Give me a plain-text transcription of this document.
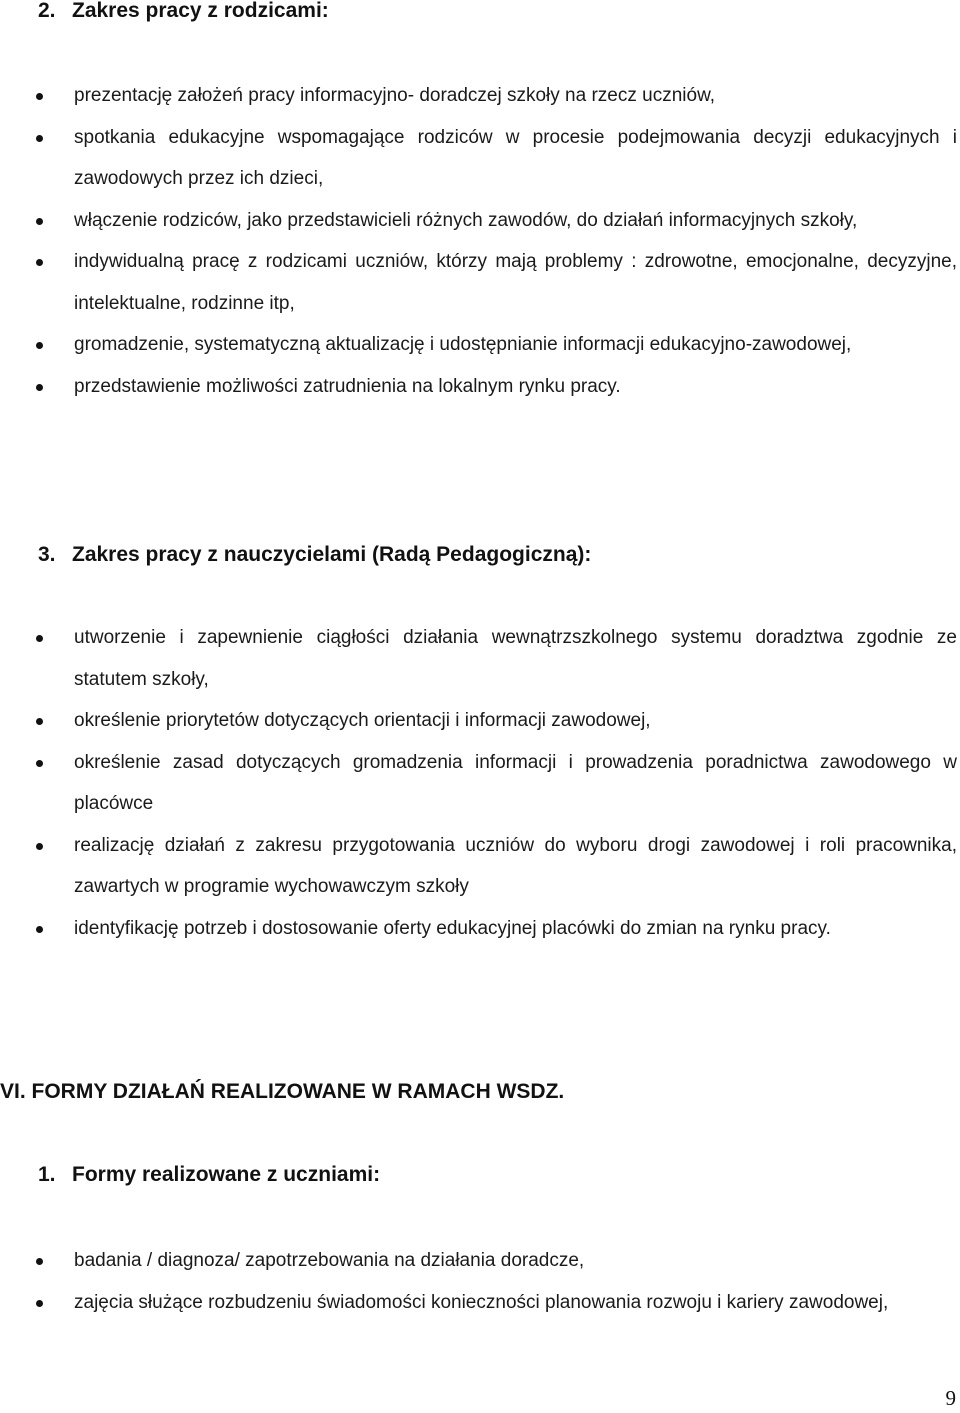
2. Zakres pracy z rodzicami:
prezentację założeń pracy informacyjno- doradczej szkoły na rzecz uczniów,
spotkania edukacyjne wspomagające rodziców w procesie podejmowania decyzji edukacyjnych i zawodowych przez ich dzieci,
włączenie rodziców, jako przedstawicieli różnych zawodów, do działań informacyjnych szkoły,
indywidualną pracę z rodzicami uczniów, którzy mają problemy : zdrowotne, emocjonalne, decyzyjne, intelektualne, rodzinne itp,
gromadzenie, systematyczną aktualizację i udostępnianie informacji edukacyjno-zawodowej,
przedstawienie możliwości zatrudnienia na lokalnym rynku pracy.
3. Zakres pracy z nauczycielami (Radą Pedagogiczną):
utworzenie i zapewnienie ciągłości działania wewnątrzszkolnego systemu doradztwa zgodnie ze statutem szkoły,
określenie priorytetów dotyczących orientacji i informacji zawodowej,
określenie zasad dotyczących gromadzenia informacji i prowadzenia poradnictwa zawodowego w placówce
realizację działań z zakresu przygotowania uczniów do wyboru drogi zawodowej i roli pracownika, zawartych w programie wychowawczym szkoły
identyfikację potrzeb i dostosowanie oferty edukacyjnej placówki do zmian na rynku pracy.
VI. FORMY DZIAŁAŃ REALIZOWANE W RAMACH WSDZ.
1. Formy realizowane z uczniami:
badania / diagnoza/ zapotrzebowania na działania doradcze,
zajęcia służące rozbudzeniu świadomości konieczności planowania rozwoju i kariery zawodowej,
9
